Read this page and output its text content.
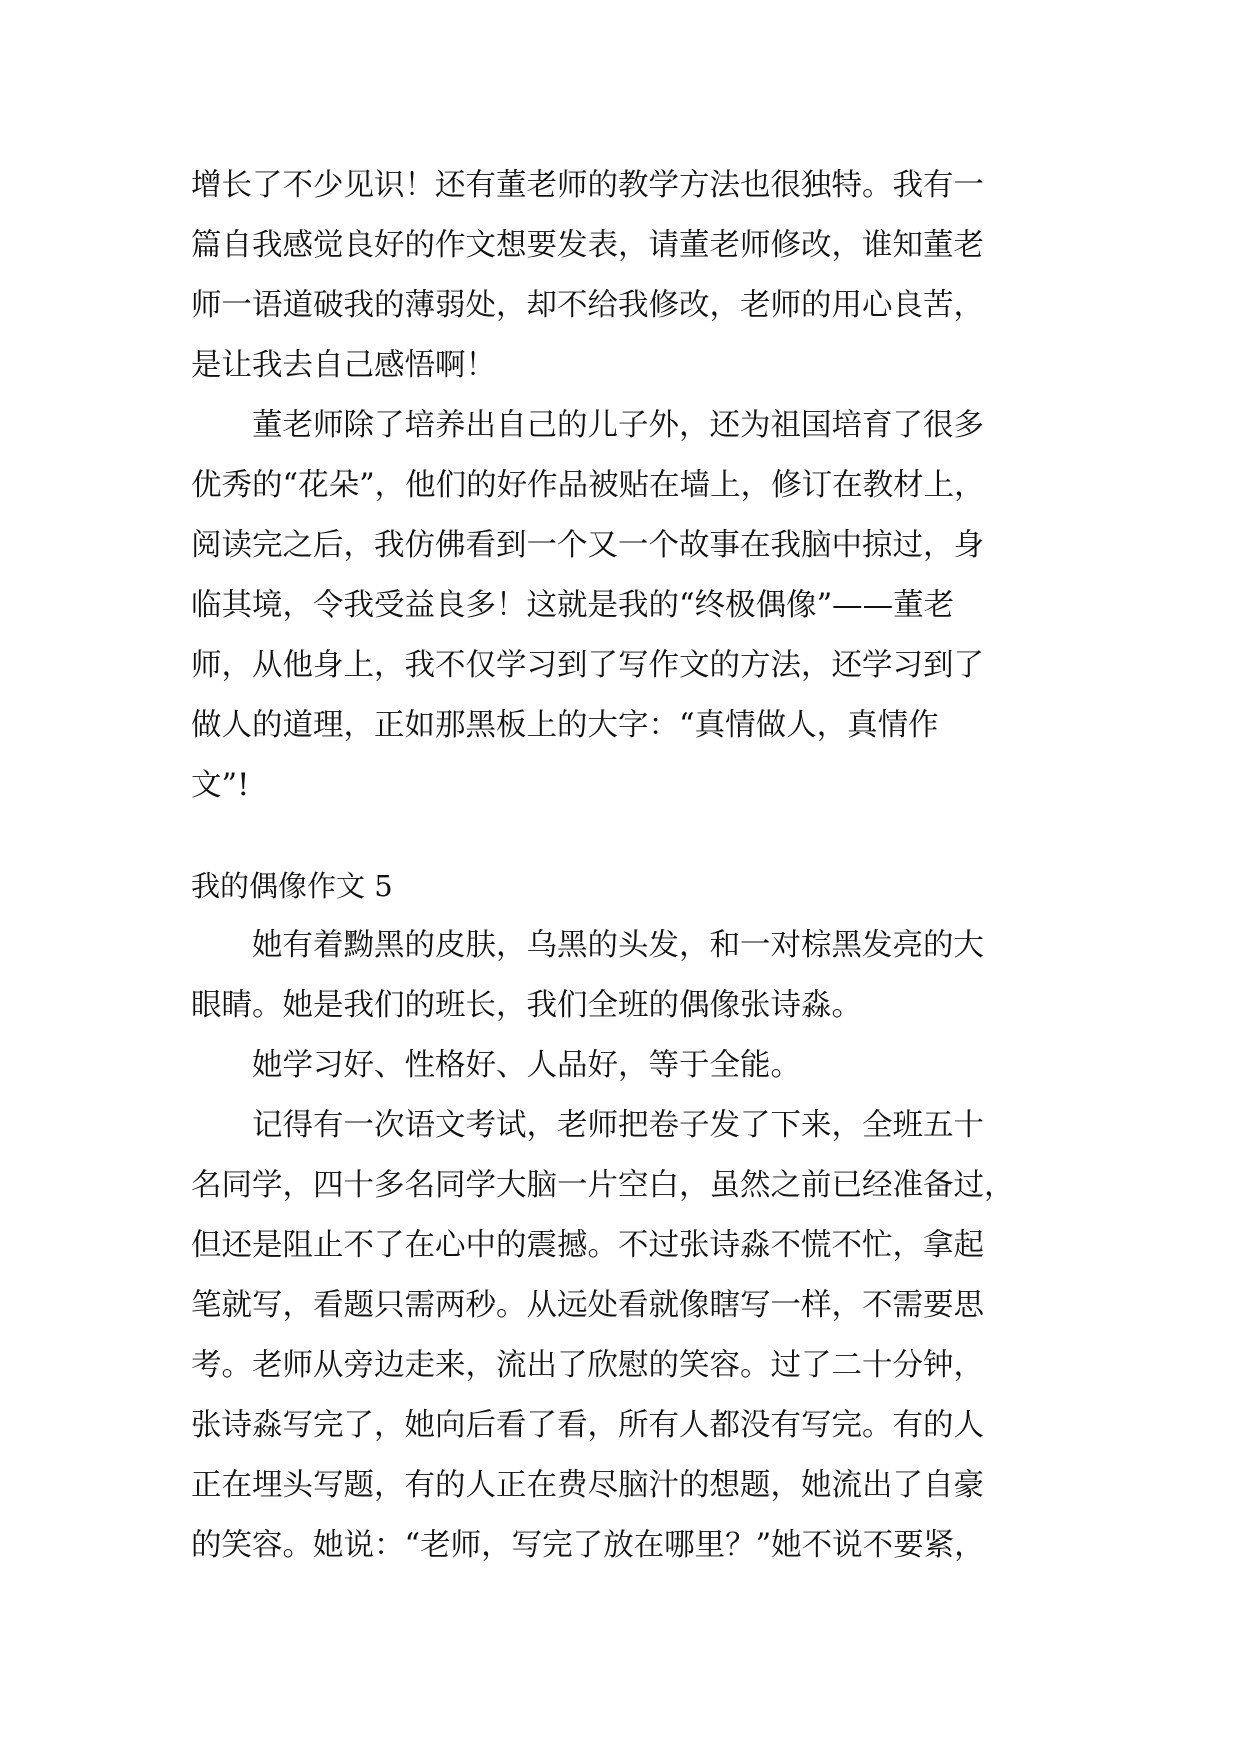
增长了不少见识！还有董老师的教学方法也很独特。我有一
篇自我感觉良好的作文想要发表，请董老师修改，谁知董老
师一语道破我的薄弱处，却不给我修改，老师的用心良苦，
是让我去自己感悟啊！
董老师除了培养出自己的儿子外，还为祖国培育了很多
优秀的“花朵”，他们的好作品被贴在墙上，修订在教材上，
阅读完之后，我仿佛看到一个又一个故事在我脑中掠过，身
临其境，令我受益良多！这就是我的“终极偶像”——董老
师，从他身上，我不仅学习到了写作文的方法，还学习到了
做人的道理，正如那黑板上的大字：“真情做人，真情作
文”!
我的偶像作文 5
她有着黝黑的皮肤，乌黑的头发，和一对棕黑发亮的大
眼睛。她是我们的班长，我们全班的偶像张诗淼。
她学习好、性格好、人品好，等于全能。
记得有一次语文考试，老师把卷子发了下来，全班五十
名同学，四十多名同学大脑一片空白，虽然之前已经准备过，
但还是阻止不了在心中的震撼。不过张诗淼不慌不忙，拿起
笔就写，看题只需两秒。从远处看就像瞎写一样，不需要思
考。老师从旁边走来，流出了欣慰的笑容。过了二十分钟，
张诗淼写完了，她向后看了看，所有人都没有写完。有的人
正在埋头写题，有的人正在费尽脑汁的想题，她流出了自豪
的笑容。她说：“老师，写完了放在哪里？”她不说不要紧，
